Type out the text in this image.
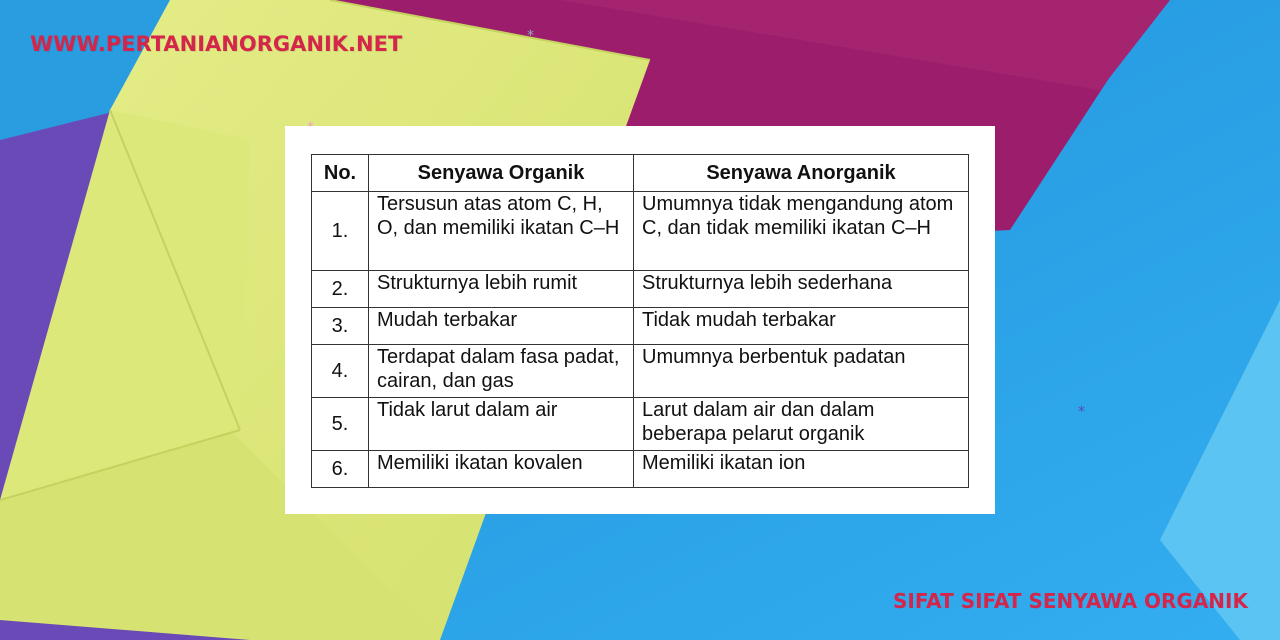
*
*
WWW.PERTANIANORGANIK.NET
No.	Senyawa Organik	Senyawa Anorganik
1.	Tersusun atas atom C, H, O, dan memiliki ikatan C–H	Umumnya tidak mengandung atom C, dan tidak memiliki ikatan C–H
2.	Strukturnya lebih rumit	Strukturnya lebih sederhana
3.	Mudah terbakar	Tidak mudah terbakar
4.	Terdapat dalam fasa padat, cairan, dan gas	Umumnya berbentuk padatan
5.	Tidak larut dalam air	Larut dalam air dan dalam beberapa pelarut organik
6.	Memiliki ikatan kovalen	Memiliki ikatan ion
SIFAT SIFAT SENYAWA ORGANIK
